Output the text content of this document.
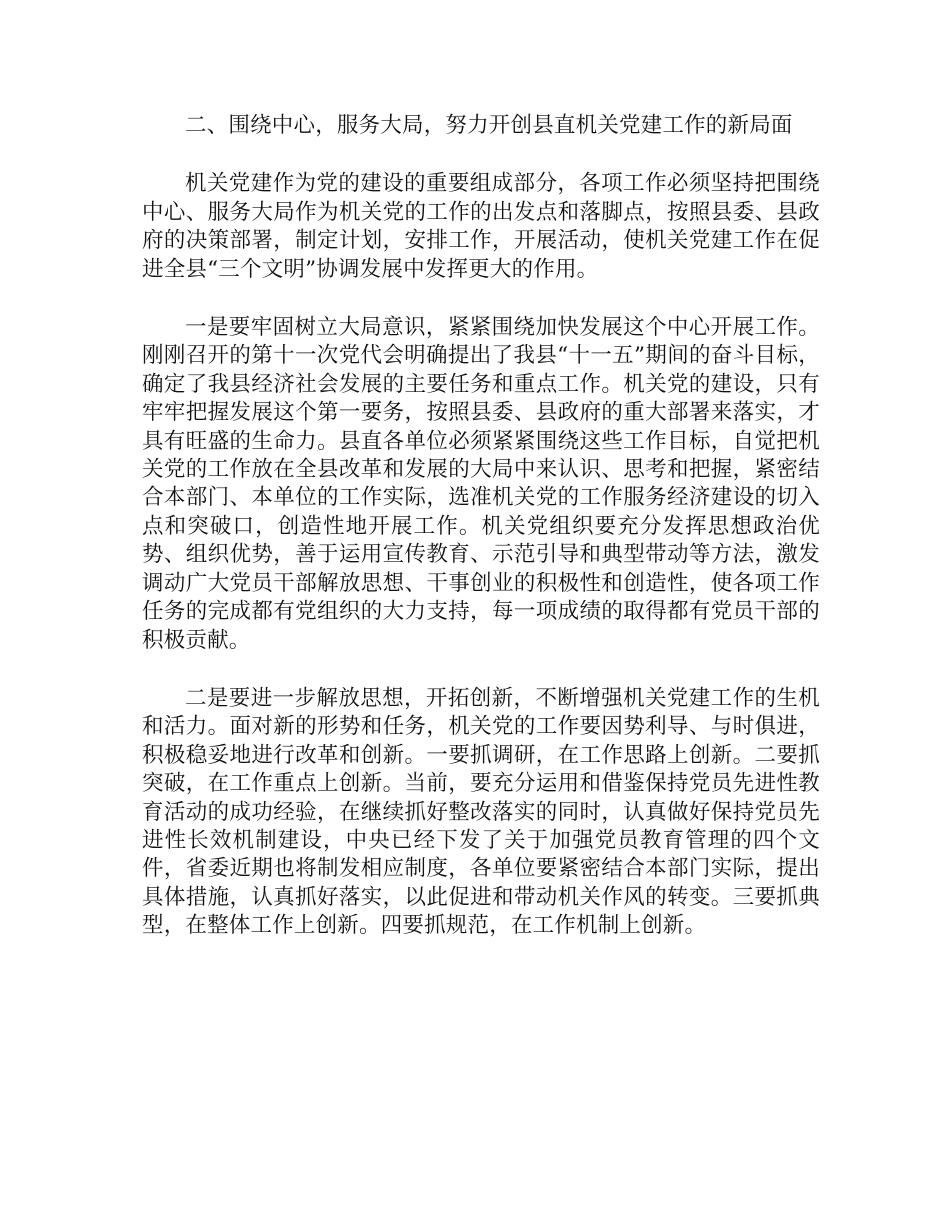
二、围绕中心，服务大局，努力开创县直机关党建工作的新局面

机关党建作为党的建设的重要组成部分，各项工作必须坚持把围绕中心、服务大局作为机关党的工作的出发点和落脚点，按照县委、县政府的决策部署，制定计划，安排工作，开展活动，使机关党建工作在促进全县“三个文明”协调发展中发挥更大的作用。

一是要牢固树立大局意识，紧紧围绕加快发展这个中心开展工作。刚刚召开的第十一次党代会明确提出了我县“十一五”期间的奋斗目标，确定了我县经济社会发展的主要任务和重点工作。机关党的建设，只有牢牢把握发展这个第一要务，按照县委、县政府的重大部署来落实，才具有旺盛的生命力。县直各单位必须紧紧围绕这些工作目标，自觉把机关党的工作放在全县改革和发展的大局中来认识、思考和把握，紧密结合本部门、本单位的工作实际，选准机关党的工作服务经济建设的切入点和突破口，创造性地开展工作。机关党组织要充分发挥思想政治优势、组织优势，善于运用宣传教育、示范引导和典型带动等方法，激发调动广大党员干部解放思想、干事创业的积极性和创造性，使各项工作任务的完成都有党组织的大力支持，每一项成绩的取得都有党员干部的积极贡献。

二是要进一步解放思想，开拓创新，不断增强机关党建工作的生机和活力。面对新的形势和任务，机关党的工作要因势利导、与时俱进，积极稳妥地进行改革和创新。一要抓调研，在工作思路上创新。二要抓突破，在工作重点上创新。当前，要充分运用和借鉴保持党员先进性教育活动的成功经验，在继续抓好整改落实的同时，认真做好保持党员先进性长效机制建设，中央已经下发了关于加强党员教育管理的四个文件，省委近期也将制发相应制度，各单位要紧密结合本部门实际，提出具体措施，认真抓好落实，以此促进和带动机关作风的转变。三要抓典型，在整体工作上创新。四要抓规范，在工作机制上创新。
